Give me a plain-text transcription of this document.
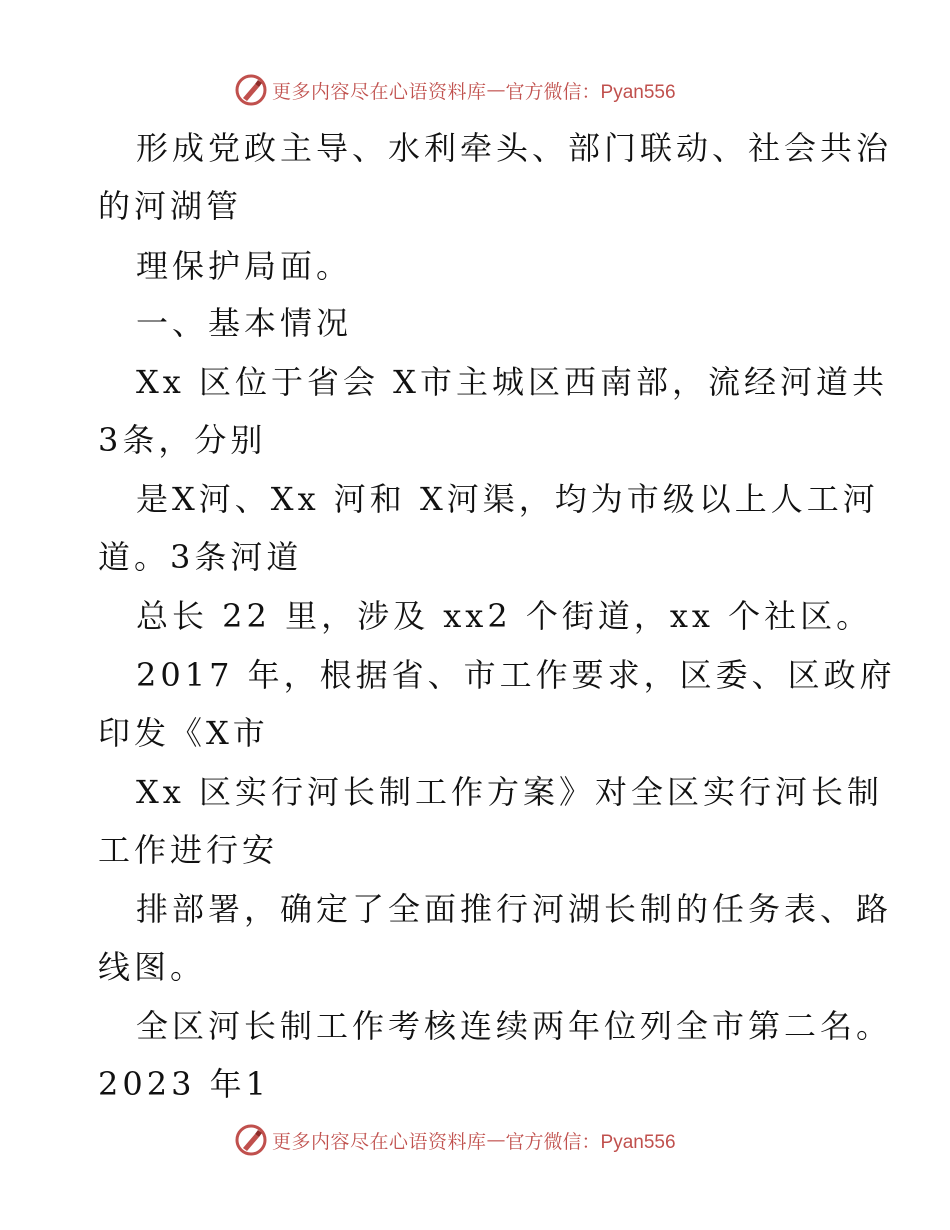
更多内容尽在心语资料库 — 官方微信：Pyan556
形成党政主导、水利牵头、部门联动、社会共治
的河湖管
理保护局面。
一、基本情况
Xx 区位于省会 X市主城区西南部，流经河道共
3条，分别
是X河、Xx 河和 X河渠，均为市级以上人工河
道。3条河道
总长 22 里，涉及 xx2 个街道，xx 个社区。
2017 年，根据省、市工作要求，区委、区政府
印发《X市
Xx 区实行河长制工作方案》对全区实行河长制
工作进行安
排部署，确定了全面推行河湖长制的任务表、路
线图。
全区河长制工作考核连续两年位列全市第二名。
2023 年1
更多内容尽在心语资料库 — 官方微信：Pyan556
